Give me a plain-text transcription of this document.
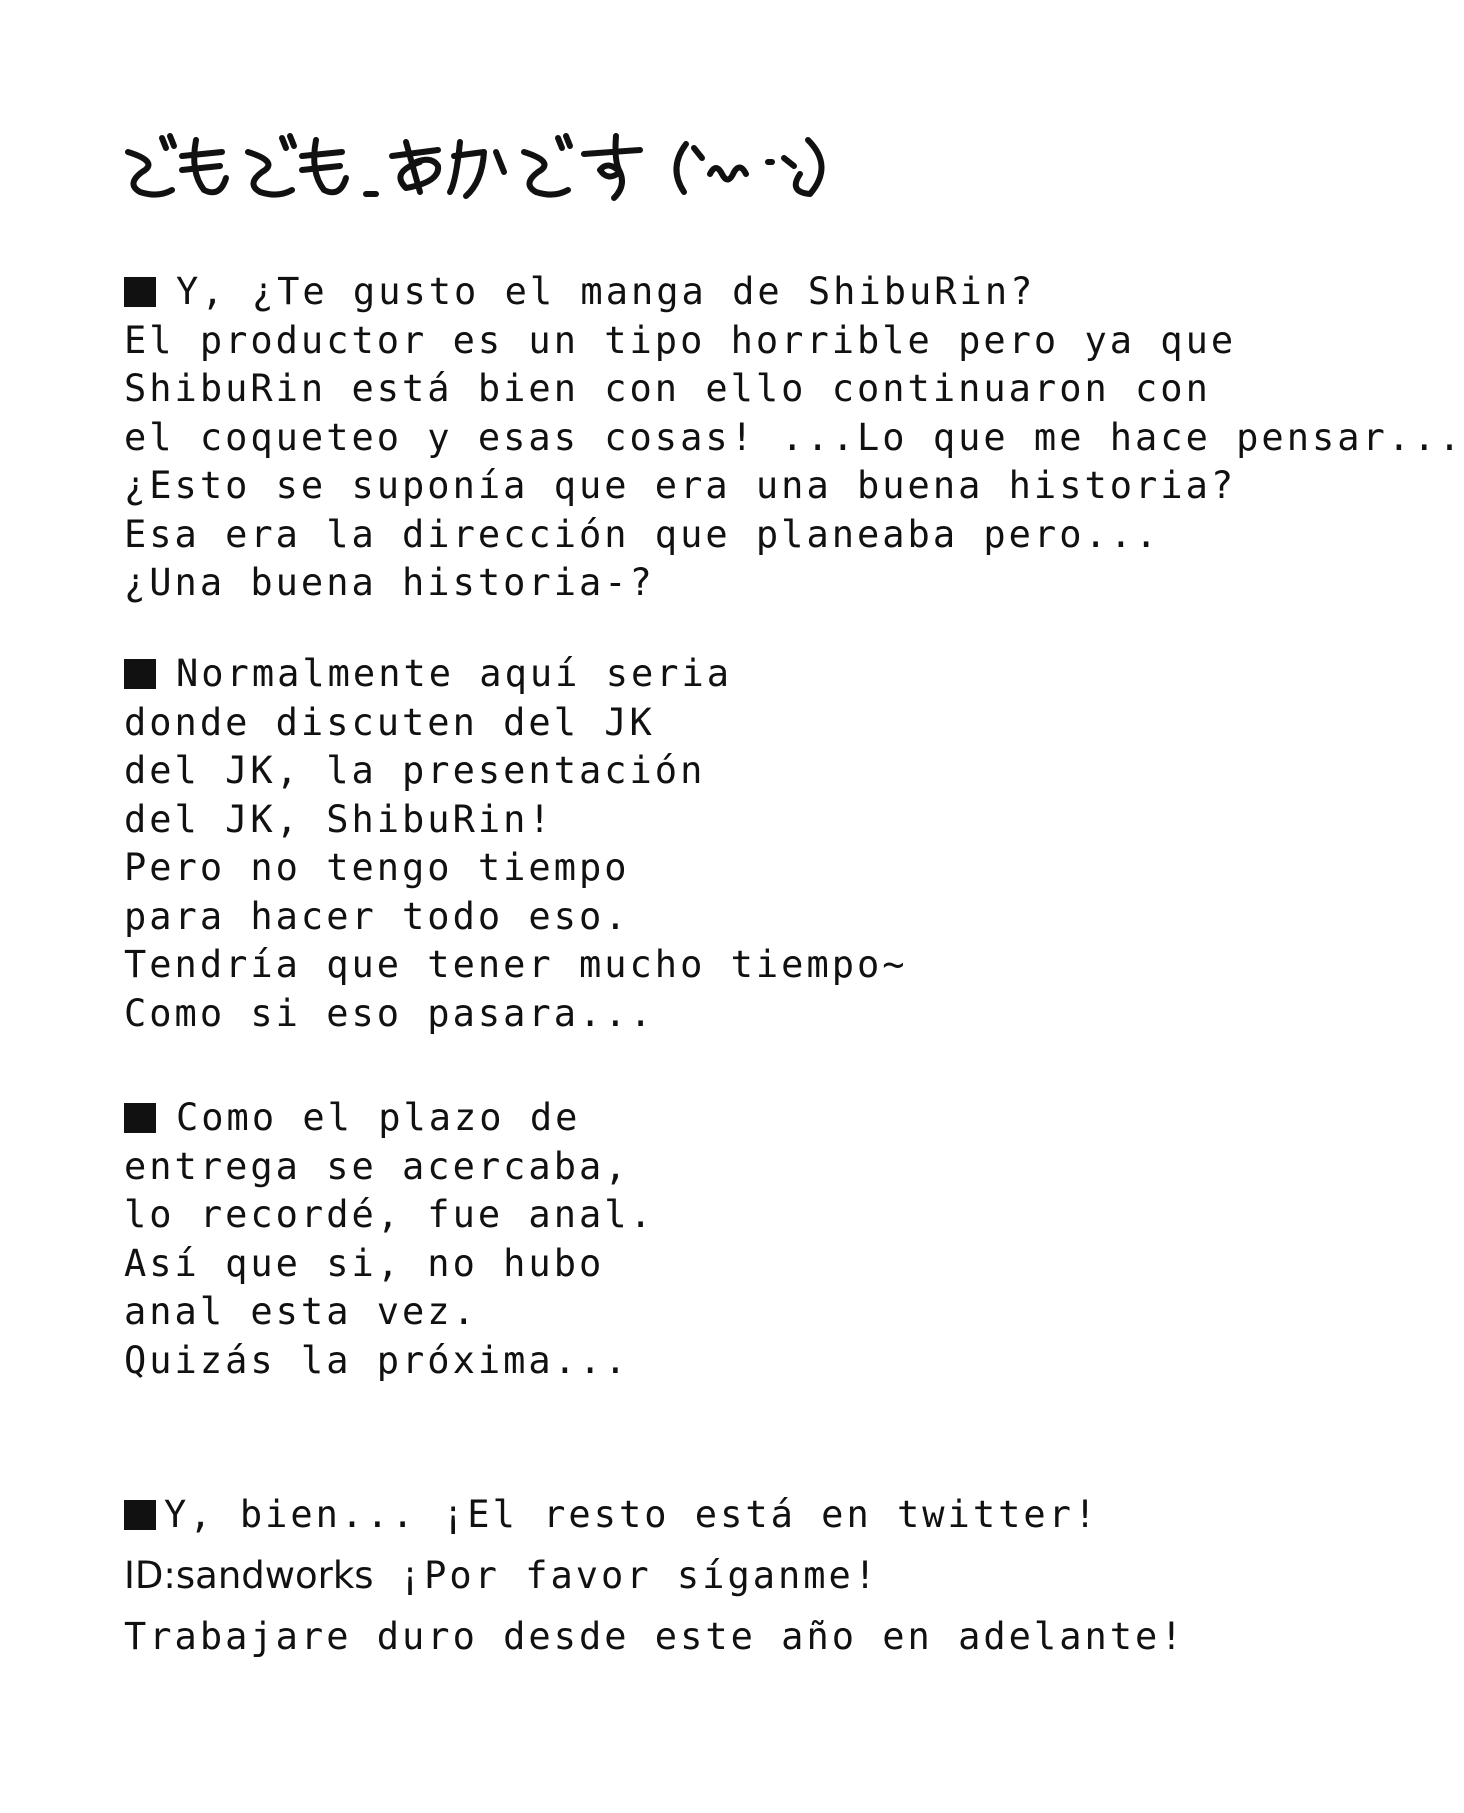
Y, ¿Te gusto el manga de ShibuRin?
El productor es un tipo horrible pero ya que
ShibuRin está bien con ello continuaron con
el coqueteo y esas cosas! ...Lo que me hace pensar...
¿Esto se suponía que era una buena historia?
Esa era la dirección que planeaba pero...
¿Una buena historia-?
Normalmente aquí seria
donde discuten del JK
del JK, la presentación
del JK, ShibuRin!
Pero no tengo tiempo
para hacer todo eso.
Tendría que tener mucho tiempo~
Como si eso pasara...
Como el plazo de
entrega se acercaba,
lo recordé, fue anal.
Así que si, no hubo
anal esta vez.
Quizás la próxima...
Y, bien... ¡El resto está en twitter!
ID:sandworks ¡Por favor síganme!
Trabajare duro desde este año en adelante!
